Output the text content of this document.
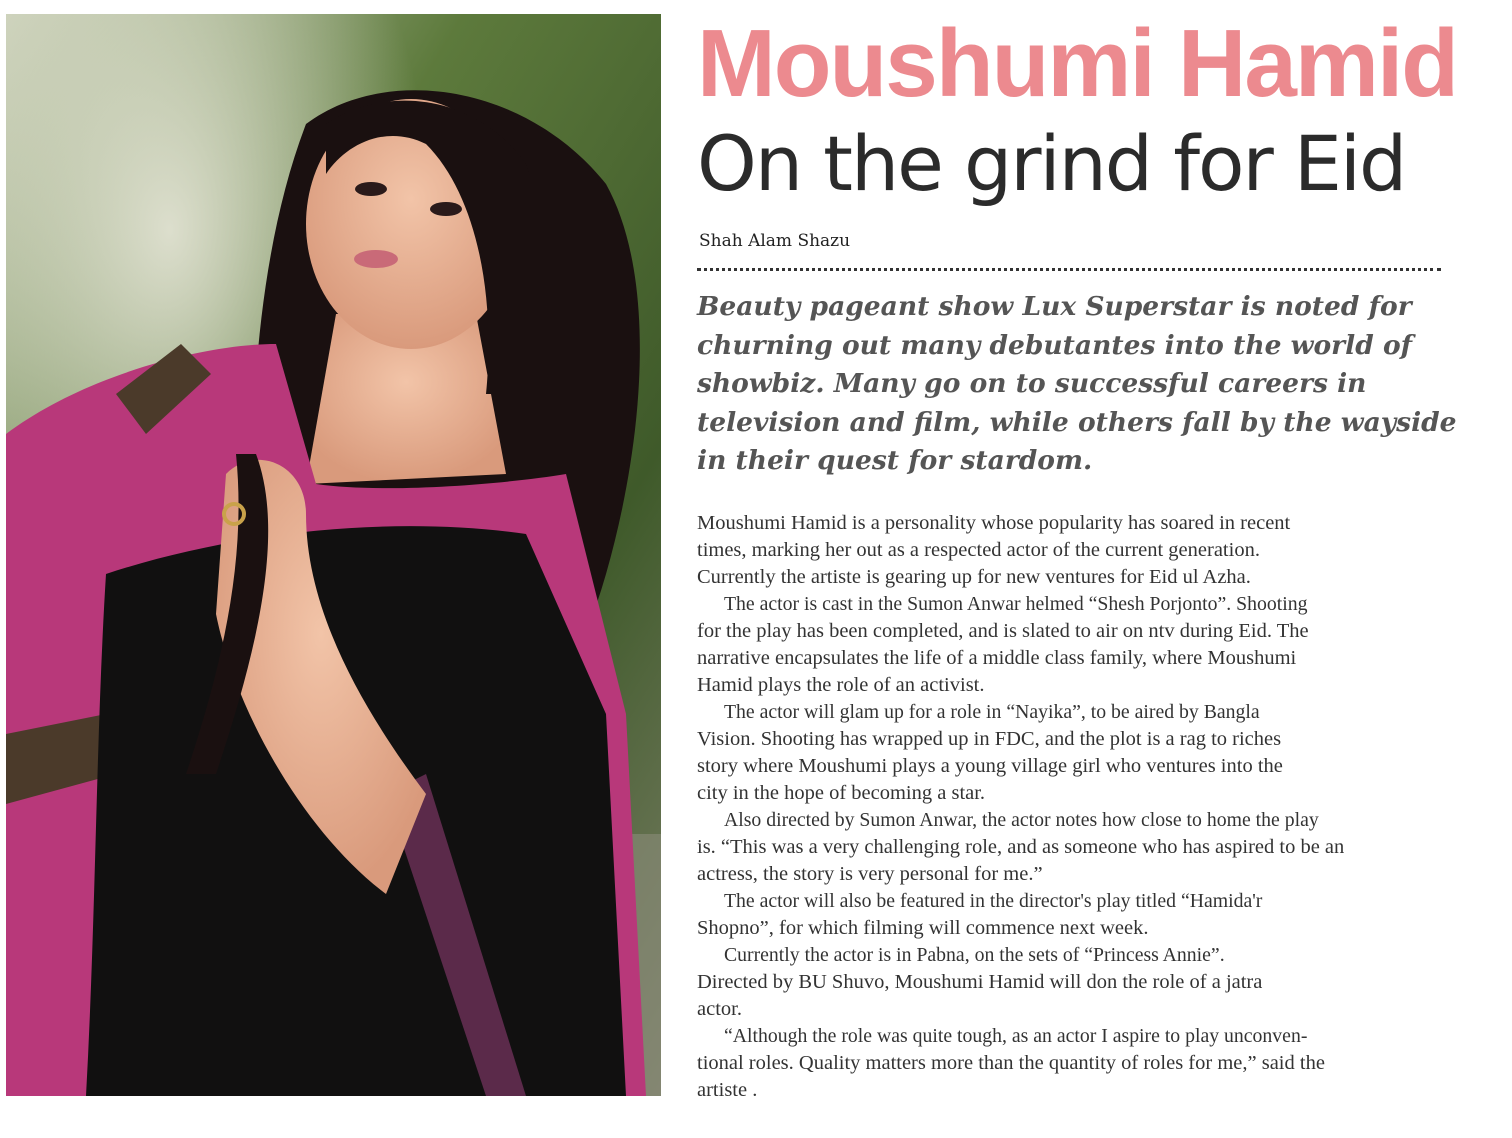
Moushumi Hamid
On the grind for Eid
Shah Alam Shazu
Beauty pageant show Lux Superstar is noted for
churning out many debutantes into the world of
showbiz. Many go on to successful careers in
television and film, while others fall by the wayside
in their quest for stardom.
Moushumi Hamid is a personality whose popularity has soared in recent
times, marking her out as a respected actor of the current generation.
Currently the artiste is gearing up for new ventures for Eid ul Azha.
The actor is cast in the Sumon Anwar helmed “Shesh Porjonto”. Shooting
for the play has been completed, and is slated to air on ntv during Eid. The
narrative encapsulates the life of a middle class family, where Moushumi
Hamid plays the role of an activist.
The actor will glam up for a role in “Nayika”, to be aired by Bangla
Vision. Shooting has wrapped up in FDC, and the plot is a rag to riches
story where Moushumi plays a young village girl who ventures into the
city in the hope of becoming a star.
Also directed by Sumon Anwar, the actor notes how close to home the play
is. “This was a very challenging role, and as someone who has aspired to be an
actress, the story is very personal for me.”
The actor will also be featured in the director's play titled “Hamida'r
Shopno”, for which filming will commence next week.
Currently the actor is in Pabna, on the sets of “Princess Annie”.
Directed by BU Shuvo, Moushumi Hamid will don the role of a jatra
actor.
“Although the role was quite tough, as an actor I aspire to play unconven-
tional roles. Quality matters more than the quantity of roles for me,” said the
artiste .
